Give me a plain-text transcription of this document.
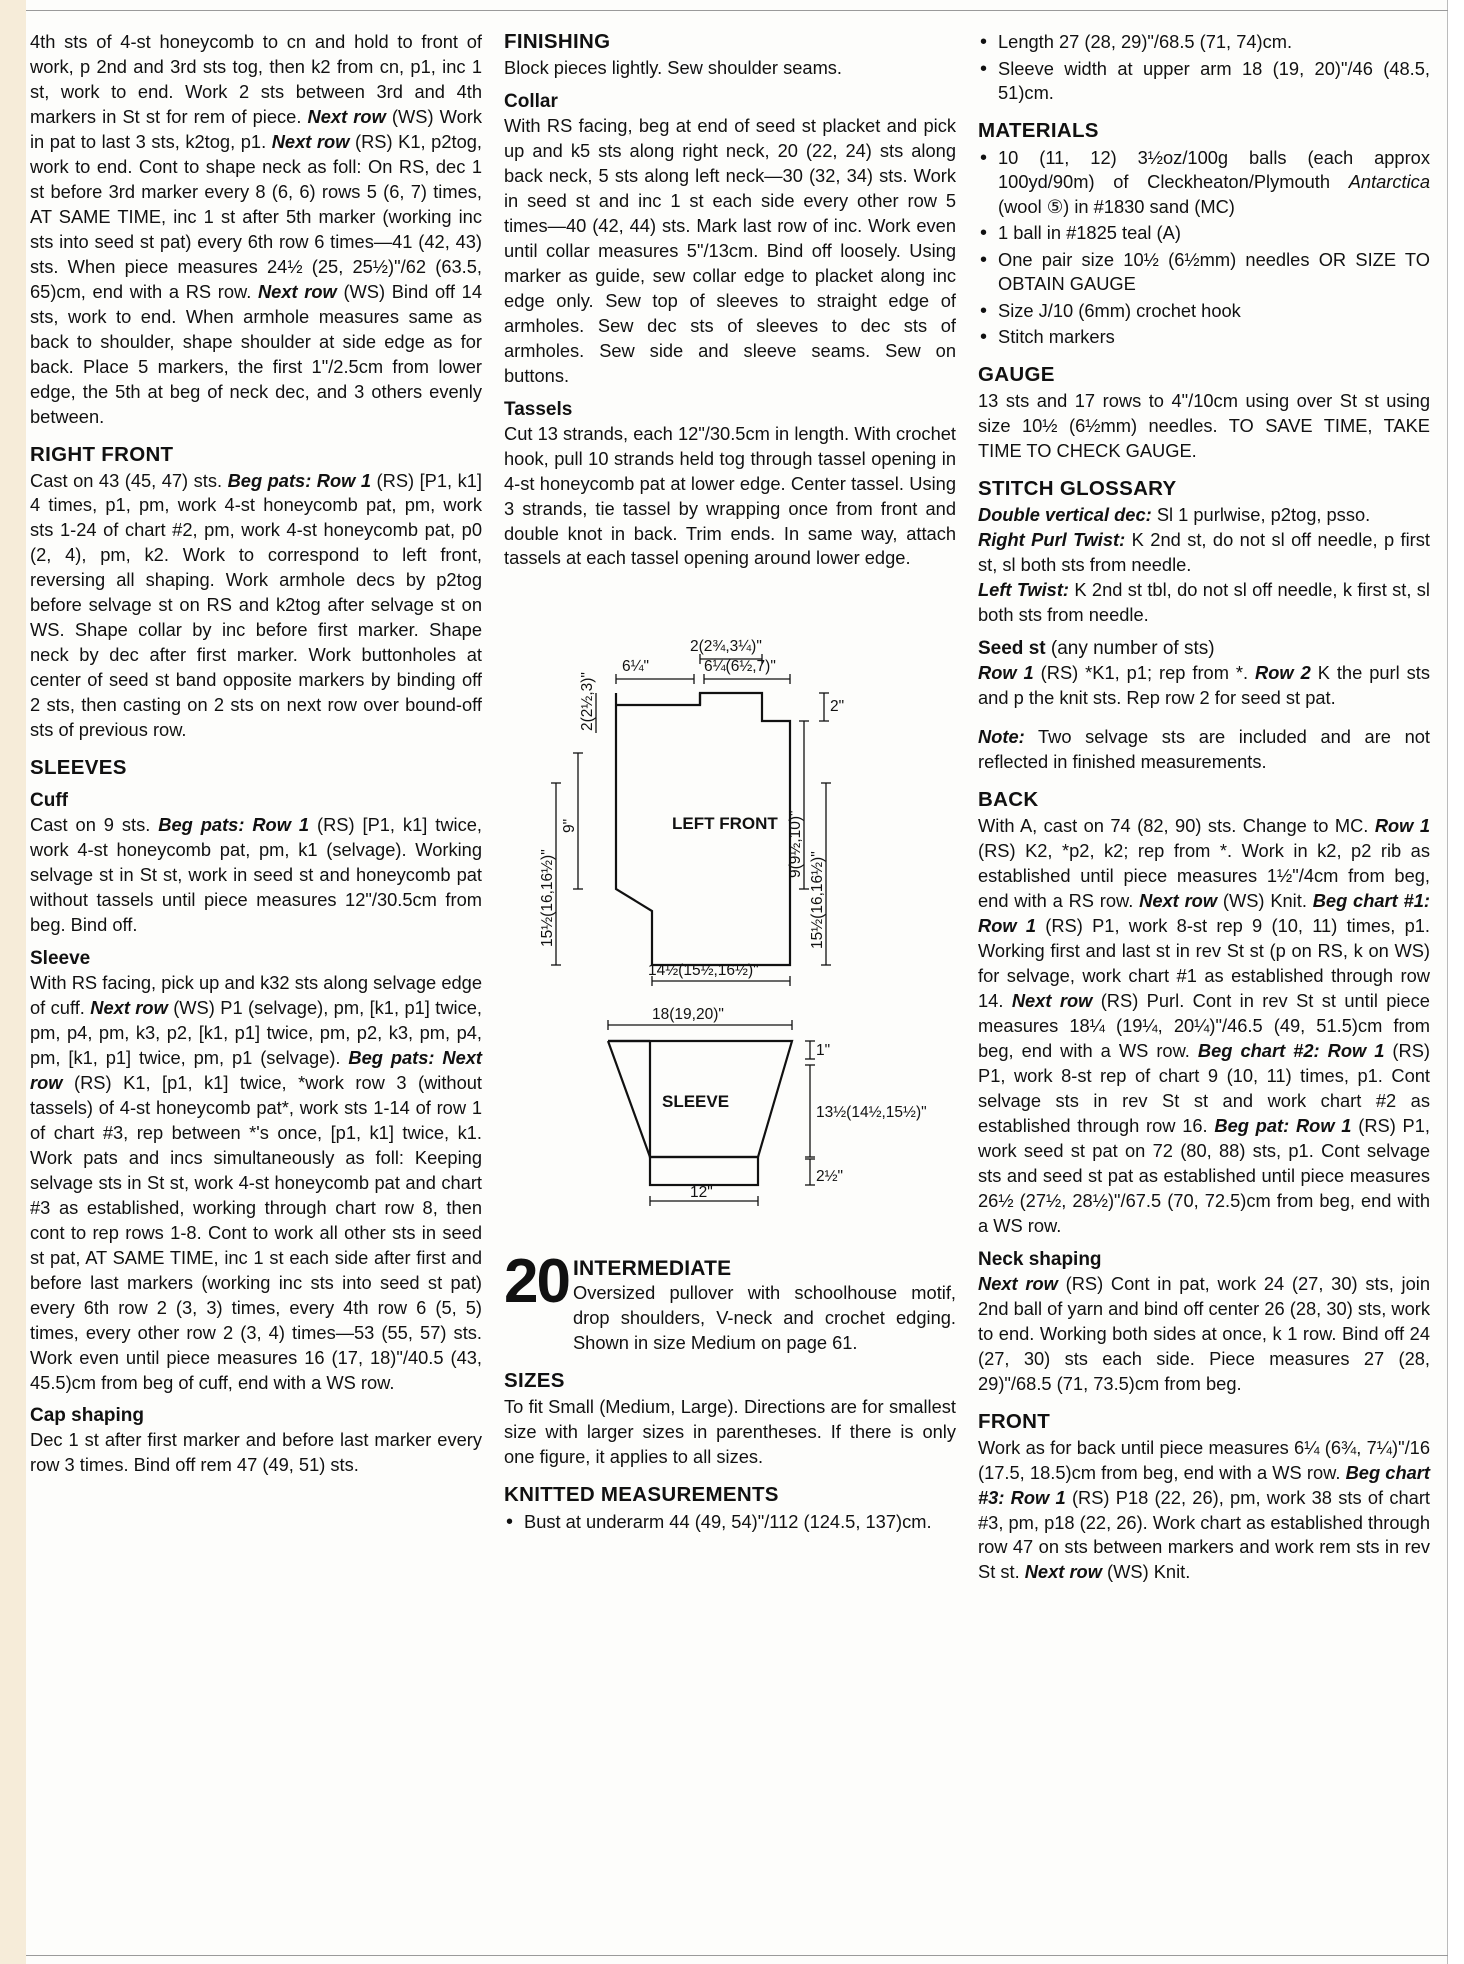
4th sts of 4-st honeycomb to cn and hold to front of work, p 2nd and 3rd sts tog, then k2 from cn, p1, inc 1 st, work to end. Work 2 sts between 3rd and 4th markers in St st for rem of piece. Next row (WS) Work in pat to last 3 sts, k2tog, p1. Next row (RS) K1, p2tog, work to end. Cont to shape neck as foll: On RS, dec 1 st before 3rd marker every 8 (6, 6) rows 5 (6, 7) times, AT SAME TIME, inc 1 st after 5th marker (working inc sts into seed st pat) every 6th row 6 times—41 (42, 43) sts. When piece measures 24½ (25, 25½)"/62 (63.5, 65)cm, end with a RS row. Next row (WS) Bind off 14 sts, work to end. When armhole measures same as back to shoulder, shape shoulder at side edge as for back. Place 5 markers, the first 1"/2.5cm from lower edge, the 5th at beg of neck dec, and 3 others evenly between.
RIGHT FRONT
Cast on 43 (45, 47) sts. Beg pats: Row 1 (RS) [P1, k1] 4 times, p1, pm, work 4-st honeycomb pat, pm, work sts 1-24 of chart #2, pm, work 4-st honeycomb pat, p0 (2, 4), pm, k2. Work to correspond to left front, reversing all shaping. Work armhole decs by p2tog before selvage st on RS and k2tog after selvage st on WS. Shape collar by inc before first marker. Shape neck by dec after first marker. Work buttonholes at center of seed st band opposite markers by binding off 2 sts, then casting on 2 sts on next row over bound-off sts of previous row.
SLEEVES
Cuff
Cast on 9 sts. Beg pats: Row 1 (RS) [P1, k1] twice, work 4-st honeycomb pat, pm, k1 (selvage). Working selvage st in St st, work in seed st and honeycomb pat without tassels until piece measures 12"/30.5cm from beg. Bind off.
Sleeve
With RS facing, pick up and k32 sts along selvage edge of cuff. Next row (WS) P1 (selvage), pm, [k1, p1] twice, pm, p4, pm, k3, p2, [k1, p1] twice, pm, p2, k3, pm, p4, pm, [k1, p1] twice, pm, p1 (selvage). Beg pats: Next row (RS) K1, [p1, k1] twice, *work row 3 (without tassels) of 4-st honeycomb pat*, work sts 1-14 of row 1 of chart #3, rep between *'s once, [p1, k1] twice, k1. Work pats and incs simultaneously as foll: Keeping selvage sts in St st, work 4-st honeycomb pat and chart #3 as established, working through chart row 8, then cont to rep rows 1-8. Cont to work all other sts in seed st pat, AT SAME TIME, inc 1 st each side after first and before last markers (working inc sts into seed st pat) every 6th row 2 (3, 3) times, every 4th row 6 (5, 5) times, every other row 2 (3, 4) times—53 (55, 57) sts. Work even until piece measures 16 (17, 18)"/40.5 (43, 45.5)cm from beg of cuff, end with a WS row.
Cap shaping
Dec 1 st after first marker and before last marker every row 3 times. Bind off rem 47 (49, 51) sts.
FINISHING
Block pieces lightly. Sew shoulder seams.
Collar
With RS facing, beg at end of seed st placket and pick up and k5 sts along right neck, 20 (22, 24) sts along back neck, 5 sts along left neck—30 (32, 34) sts. Work in seed st and inc 1 st each side every other row 5 times—40 (42, 44) sts. Mark last row of inc. Work even until collar measures 5"/13cm. Bind off loosely. Using marker as guide, sew collar edge to placket along inc edge only. Sew top of sleeves to straight edge of armholes. Sew dec sts of sleeves to dec sts of armholes. Sew side and sleeve seams. Sew on buttons.
Tassels
Cut 13 strands, each 12"/30.5cm in length. With crochet hook, pull 10 strands held tog through tassel opening in 4-st honeycomb pat at lower edge. Center tassel. Using 3 strands, tie tassel by wrapping once from front and double knot in back. Trim ends. In same way, attach tassels at each tassel opening around lower edge.
2(2¾,3¼)"
6¼"	6¼(6½,7)"
2(2½,3)"
9"
15½(16,16½)"
2"
9(9½,10)"
15½(16,16½)"
14½(15½,16½)"
LEFT FRONT
18(19,20)"
1"
13½(14½,15½)"
2½"
12"
SLEEVE
20 INTERMEDIATE
Oversized pullover with schoolhouse motif, drop shoulders, V-neck and crochet edging. Shown in size Medium on page 61.
SIZES
To fit Small (Medium, Large). Directions are for smallest size with larger sizes in parentheses. If there is only one figure, it applies to all sizes.
KNITTED MEASUREMENTS
• Bust at underarm 44 (49, 54)"/112 (124.5, 137)cm.
• Length 27 (28, 29)"/68.5 (71, 74)cm.
• Sleeve width at upper arm 18 (19, 20)"/46 (48.5, 51)cm.
MATERIALS
• 10 (11, 12) 3½oz/100g balls (each approx 100yd/90m) of Cleckheaton/Plymouth Antarctica (wool ⑤) in #1830 sand (MC)
• 1 ball in #1825 teal (A)
• One pair size 10½ (6½mm) needles OR SIZE TO OBTAIN GAUGE
• Size J/10 (6mm) crochet hook
• Stitch markers
GAUGE
13 sts and 17 rows to 4"/10cm using over St st using size 10½ (6½mm) needles. TO SAVE TIME, TAKE TIME TO CHECK GAUGE.
STITCH GLOSSARY
Double vertical dec: Sl 1 purlwise, p2tog, psso.
Right Purl Twist: K 2nd st, do not sl off needle, p first st, sl both sts from needle.
Left Twist: K 2nd st tbl, do not sl off needle, k first st, sl both sts from needle.
Seed st (any number of sts)
Row 1 (RS) *K1, p1; rep from *. Row 2 K the purl sts and p the knit sts. Rep row 2 for seed st pat.
Note: Two selvage sts are included and are not reflected in finished measurements.
BACK
With A, cast on 74 (82, 90) sts. Change to MC. Row 1 (RS) K2, *p2, k2; rep from *. Work in k2, p2 rib as established until piece measures 1½"/4cm from beg, end with a RS row. Next row (WS) Knit. Beg chart #1: Row 1 (RS) P1, work 8-st rep 9 (10, 11) times, p1. Working first and last st in rev St st (p on RS, k on WS) for selvage, work chart #1 as established through row 14. Next row (RS) Purl. Cont in rev St st until piece measures 18¼ (19¼, 20¼)"/46.5 (49, 51.5)cm from beg, end with a WS row. Beg chart #2: Row 1 (RS) P1, work 8-st rep of chart 9 (10, 11) times, p1. Cont selvage sts in rev St st and work chart #2 as established through row 16. Beg pat: Row 1 (RS) P1, work seed st pat on 72 (80, 88) sts, p1. Cont selvage sts and seed st pat as established until piece measures 26½ (27½, 28½)"/67.5 (70, 72.5)cm from beg, end with a WS row.
Neck shaping
Next row (RS) Cont in pat, work 24 (27, 30) sts, join 2nd ball of yarn and bind off center 26 (28, 30) sts, work to end. Working both sides at once, k 1 row. Bind off 24 (27, 30) sts each side. Piece measures 27 (28, 29)"/68.5 (71, 73.5)cm from beg.
FRONT
Work as for back until piece measures 6¼ (6¾, 7¼)"/16 (17.5, 18.5)cm from beg, end with a WS row. Beg chart #3: Row 1 (RS) P18 (22, 26), pm, work 38 sts of chart #3, pm, p18 (22, 26). Work chart as established through row 47 on sts between markers and work rem sts in rev St st. Next row (WS) Knit.
